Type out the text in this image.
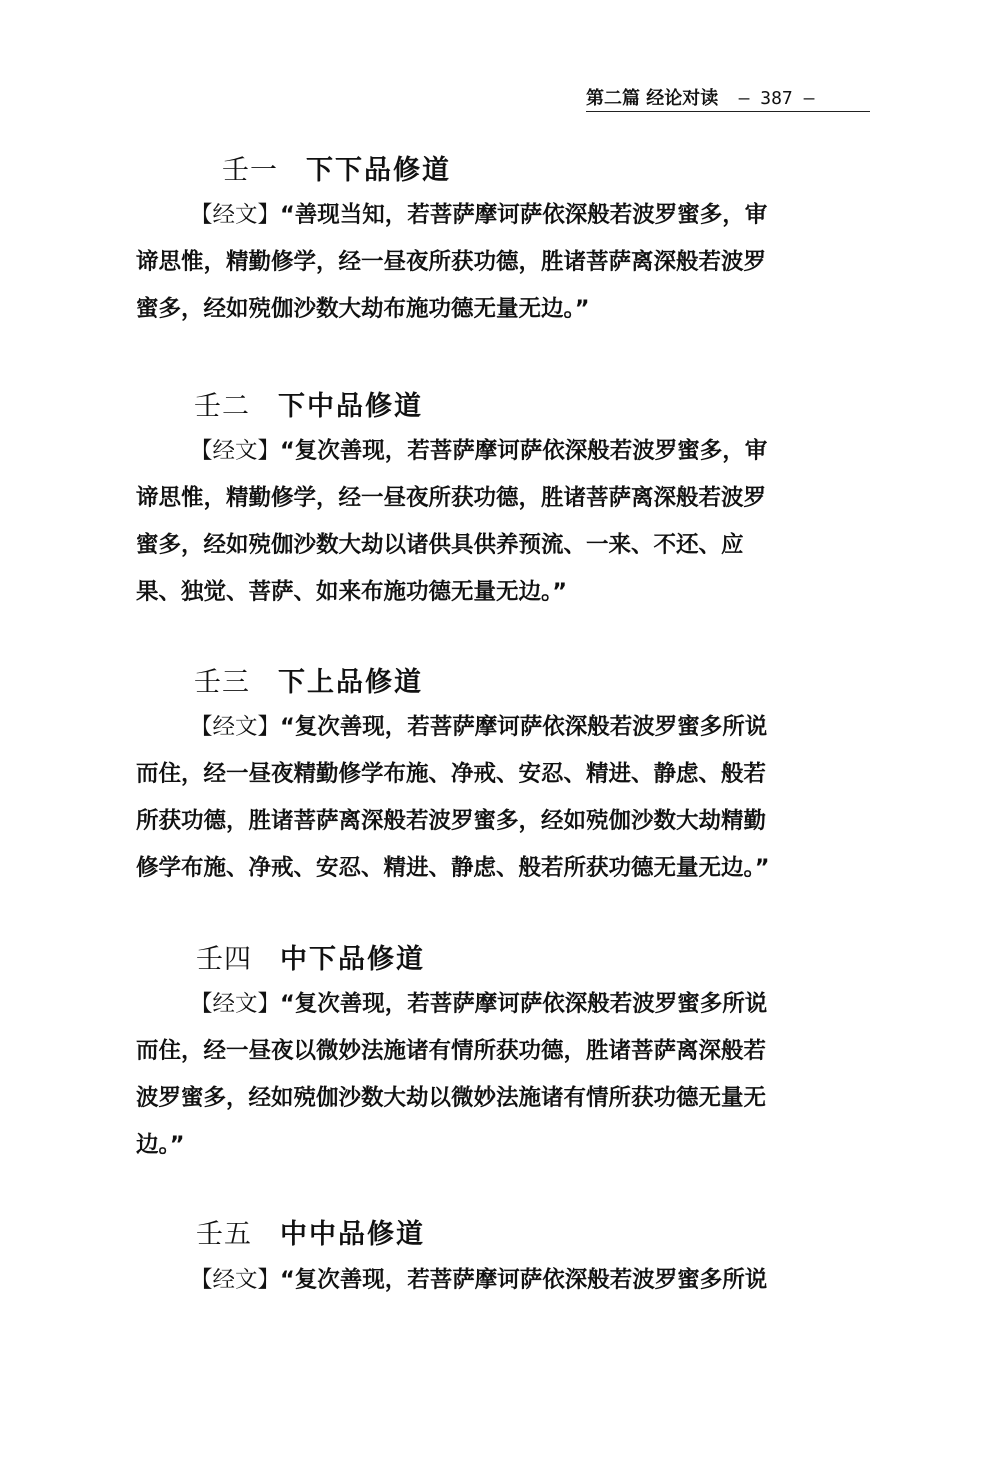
第二篇 经论对读 — 387 —
壬一 下下品修道
【经文】“善现当知，若菩萨摩诃萨依深般若波罗蜜多，审
谛思惟，精勤修学，经一昼夜所获功德，胜诸菩萨离深般若波罗
蜜多，经如殑伽沙数大劫布施功德无量无边。”
壬二 下中品修道
【经文】“复次善现，若菩萨摩诃萨依深般若波罗蜜多，审
谛思惟，精勤修学，经一昼夜所获功德，胜诸菩萨离深般若波罗
蜜多，经如殑伽沙数大劫以诸供具供养预流、一来、不还、应
果、独觉、菩萨、如来布施功德无量无边。”
壬三 下上品修道
【经文】“复次善现，若菩萨摩诃萨依深般若波罗蜜多所说
而住，经一昼夜精勤修学布施、净戒、安忍、精进、静虑、般若
所获功德，胜诸菩萨离深般若波罗蜜多，经如殑伽沙数大劫精勤
修学布施、净戒、安忍、精进、静虑、般若所获功德无量无边。”
壬四 中下品修道
【经文】“复次善现，若菩萨摩诃萨依深般若波罗蜜多所说
而住，经一昼夜以微妙法施诸有情所获功德，胜诸菩萨离深般若
波罗蜜多，经如殑伽沙数大劫以微妙法施诸有情所获功德无量无
边。”
壬五 中中品修道
【经文】“复次善现，若菩萨摩诃萨依深般若波罗蜜多所说
